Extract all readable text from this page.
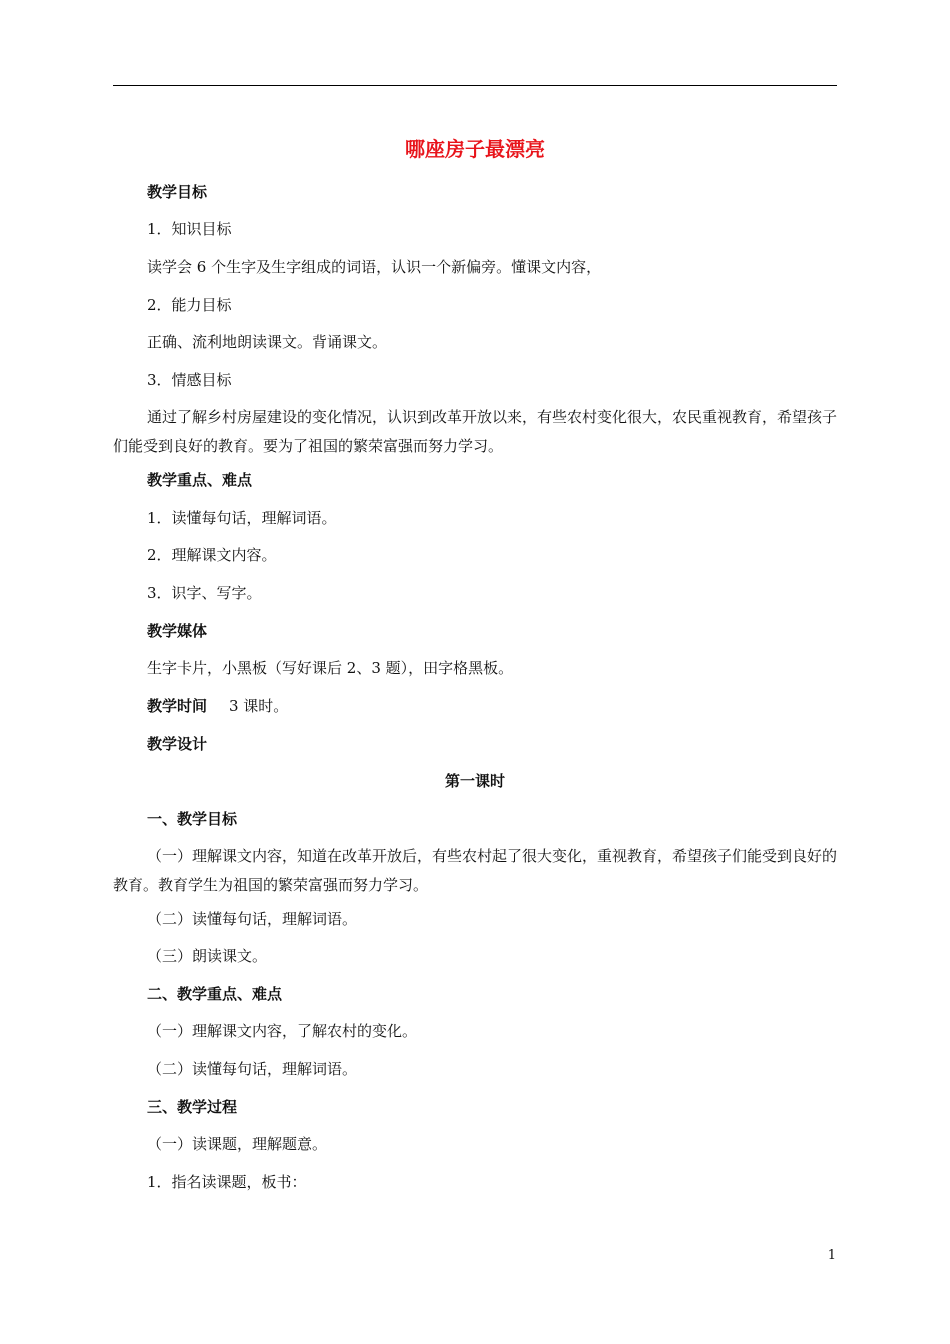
哪座房子最漂亮
教学目标
1．知识目标
读学会 6 个生字及生字组成的词语，认识一个新偏旁。懂课文内容，
2．能力目标
正确、流利地朗读课文。背诵课文。
3．情感目标
通过了解乡村房屋建设的变化情况，认识到改革开放以来，有些农村变化很大，农民重视教育，希望孩子们能受到良好的教育。要为了祖国的繁荣富强而努力学习。
教学重点、难点
1．读懂每句话，理解词语。
2．理解课文内容。
3．识字、写字。
教学媒体
生字卡片，小黑板（写好课后 2、3 题），田字格黑板。
教学时间 3 课时。
教学设计
第一课时
一、教学目标
（一）理解课文内容，知道在改革开放后，有些农村起了很大变化，重视教育，希望孩子们能受到良好的教育。教育学生为祖国的繁荣富强而努力学习。
（二）读懂每句话，理解词语。
（三）朗读课文。
二、教学重点、难点
（一）理解课文内容，了解农村的变化。
（二）读懂每句话，理解词语。
三、教学过程
（一）读课题，理解题意。
1．指名读课题，板书：
1
